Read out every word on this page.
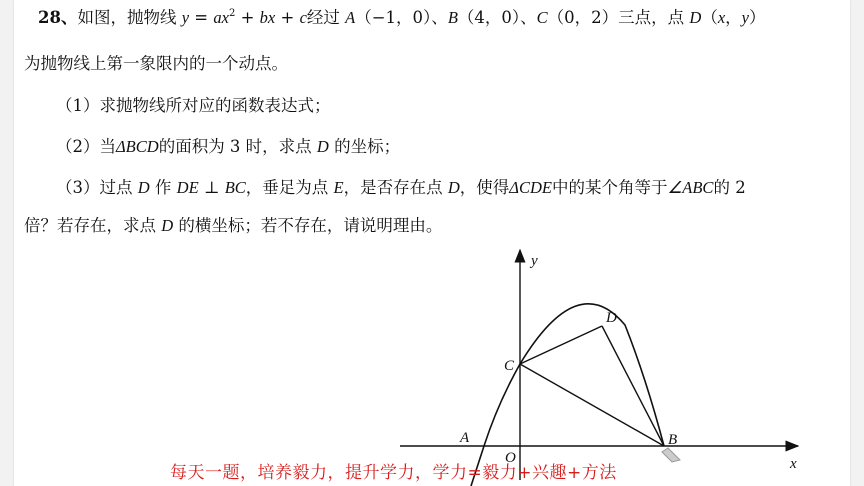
28、如图，抛物线 $y = ax^2$ + bx + c经过 A（−1，0）、B（4，0）、C（0，2）三点，点 D（x，y）
为抛物线上第一象限内的一个动点。
（1）求抛物线所对应的函数表达式；
（2）当ΔBCD的面积为 3 时，求点 D 的坐标；
（3）过点 D 作 DE ⊥ BC，垂足为点 E，是否存在点 D，使得ΔCDE中的某个角等于∠ABC的 2
倍？若存在，求点 D 的横坐标；若不存在，请说明理由。
y
x
O
A	B
C
D
每天一题，培养毅力，提升学力，学力=毅力+兴趣+方法
